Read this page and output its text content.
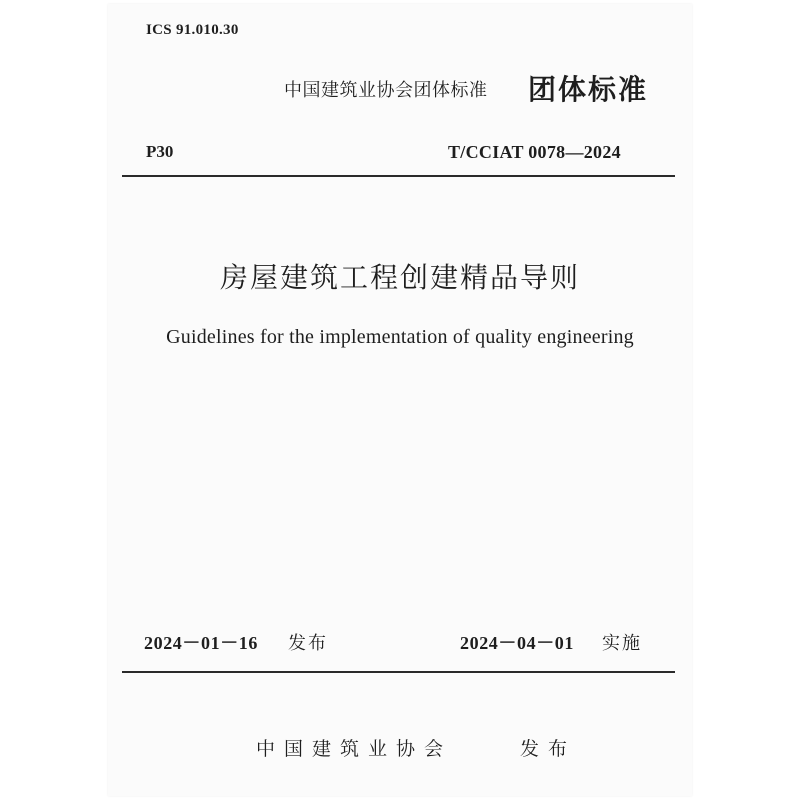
ICS 91.010.30
中国建筑业协会团体标准 团体标准
P30	T/CCIAT 0078—2024
房屋建筑工程创建精品导则
Guidelines for the implementation of quality engineering
2024－01－16 发布	2024－04－01 实施
中国建筑业协会	发布
